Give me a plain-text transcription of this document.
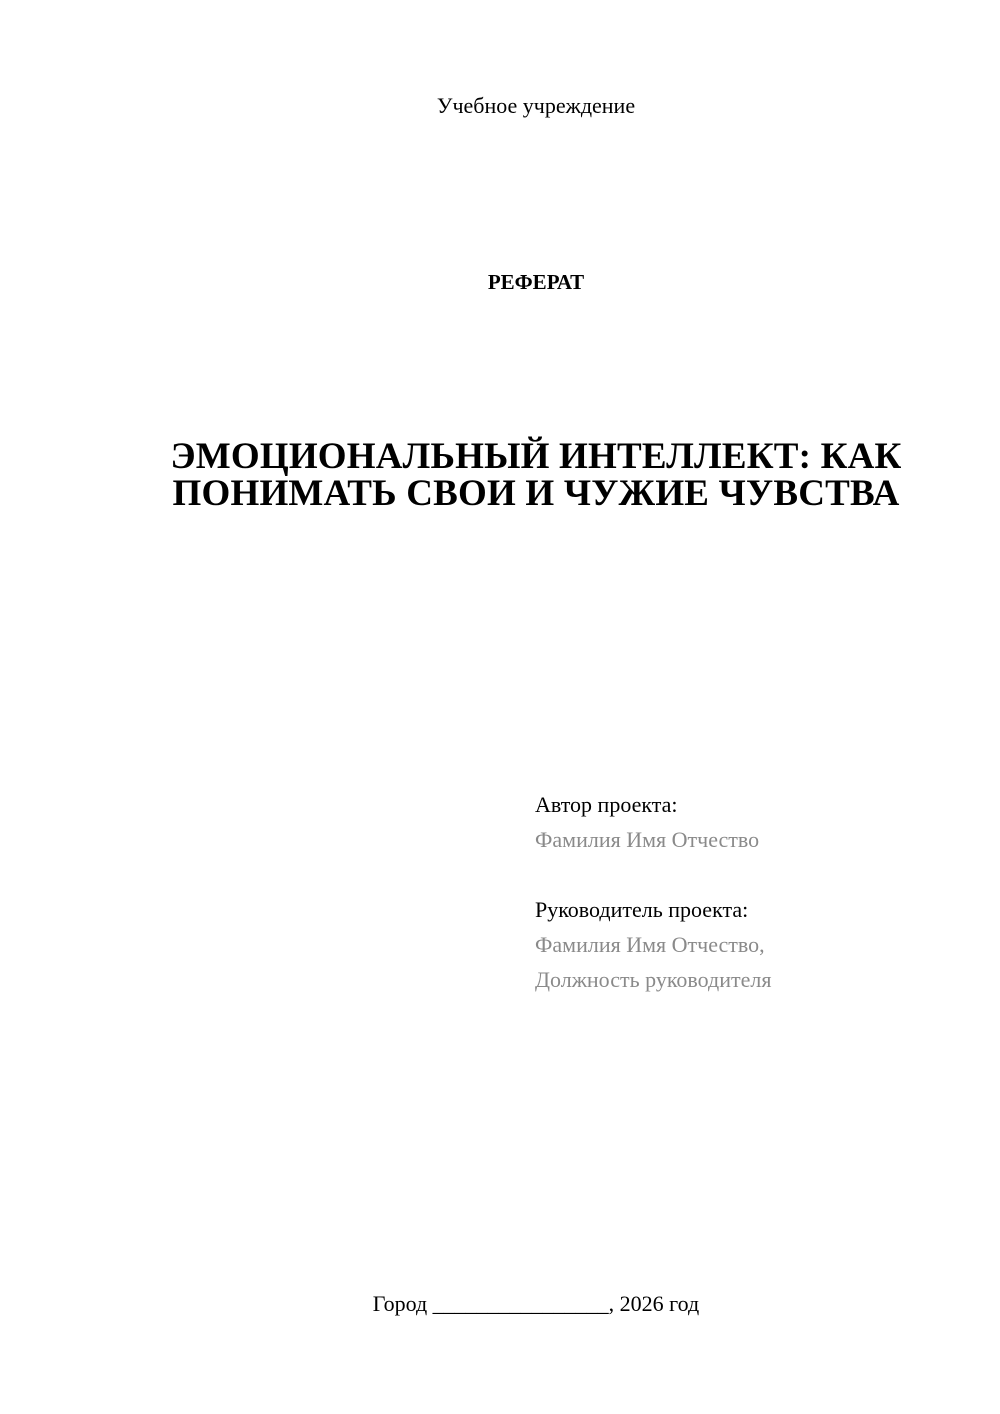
Учебное учреждение
РЕФЕРАТ
ЭМОЦИОНАЛЬНЫЙ ИНТЕЛЛЕКТ: КАК
ПОНИМАТЬ СВОИ И ЧУЖИЕ ЧУВСТВА
Автор проекта:
Фамилия Имя Отчество
Руководитель проекта:
Фамилия Имя Отчество,
Должность руководителя
Город ________________, 2026 год
